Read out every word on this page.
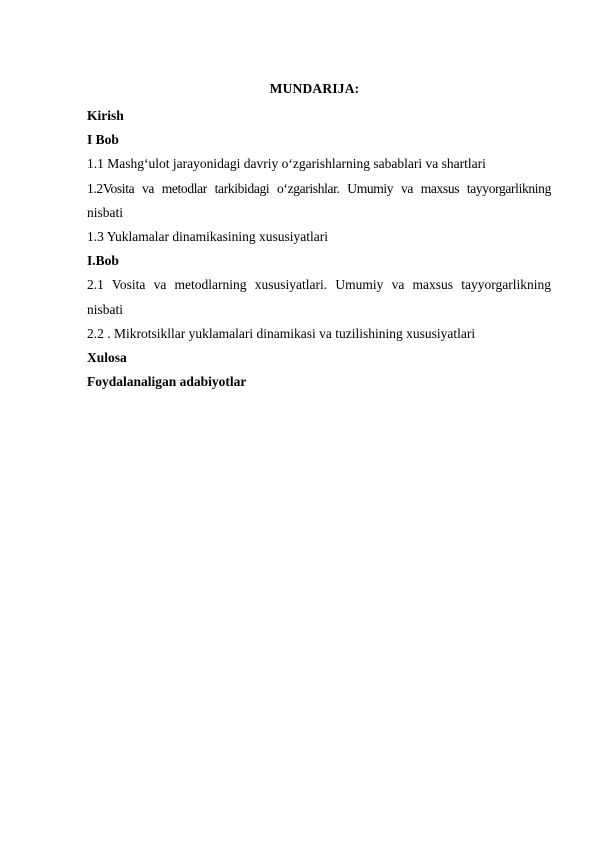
MUNDARIJA:

Kirish

I Bob

1.1 Mashg‘ulot jarayonidagi davriy o‘zgarishlarning sabablari va shartlari

1.2Vosita va metodlar tarkibidagi o‘zgarishlar. Umumiy va maxsus tayyorgarlikning

nisbati

1.3 Yuklamalar dinamikasining xususiyatlari

I.Bob

2.1 Vosita va metodlarning xususiyatlari. Umumiy va maxsus tayyorgarlikning

nisbati

2.2 . Mikrotsikllar yuklamalari dinamikasi va tuzilishining xususiyatlari

Xulosa

Foydalanaligan adabiyotlar
